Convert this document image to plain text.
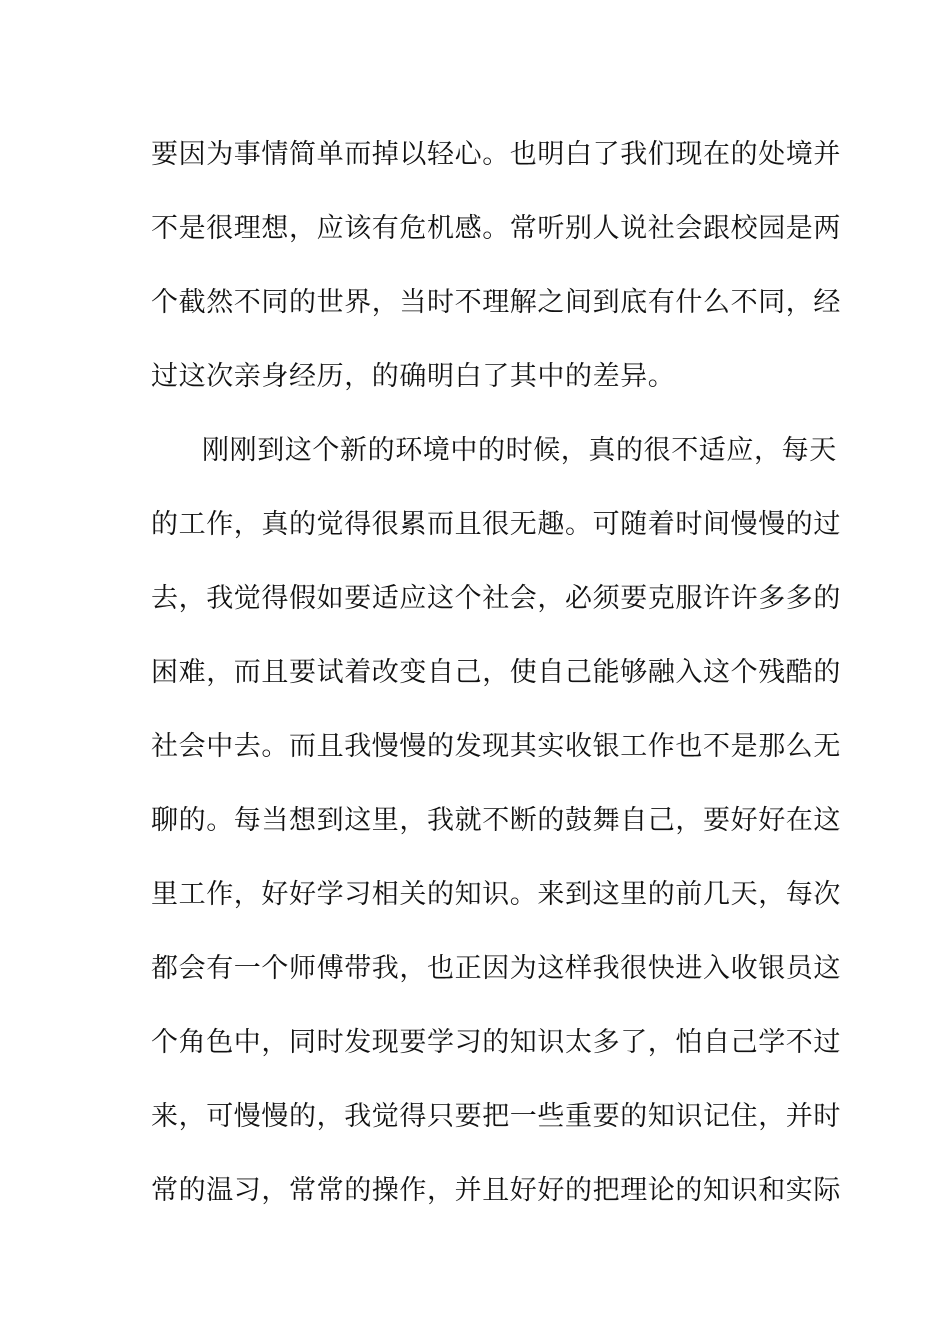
要因为事情简单而掉以轻心。也明白了我们现在的处境并
不是很理想，应该有危机感。常听别人说社会跟校园是两
个截然不同的世界，当时不理解之间到底有什么不同，经
过这次亲身经历，的确明白了其中的差异。
刚刚到这个新的环境中的时候，真的很不适应，每天
的工作，真的觉得很累而且很无趣。可随着时间慢慢的过
去，我觉得假如要适应这个社会，必须要克服许许多多的
困难，而且要试着改变自己，使自己能够融入这个残酷的
社会中去。而且我慢慢的发现其实收银工作也不是那么无
聊的。每当想到这里，我就不断的鼓舞自己，要好好在这
里工作，好好学习相关的知识。来到这里的前几天，每次
都会有一个师傅带我，也正因为这样我很快进入收银员这
个角色中，同时发现要学习的知识太多了，怕自己学不过
来，可慢慢的，我觉得只要把一些重要的知识记住，并时
常的温习，常常的操作，并且好好的把理论的知识和实际
